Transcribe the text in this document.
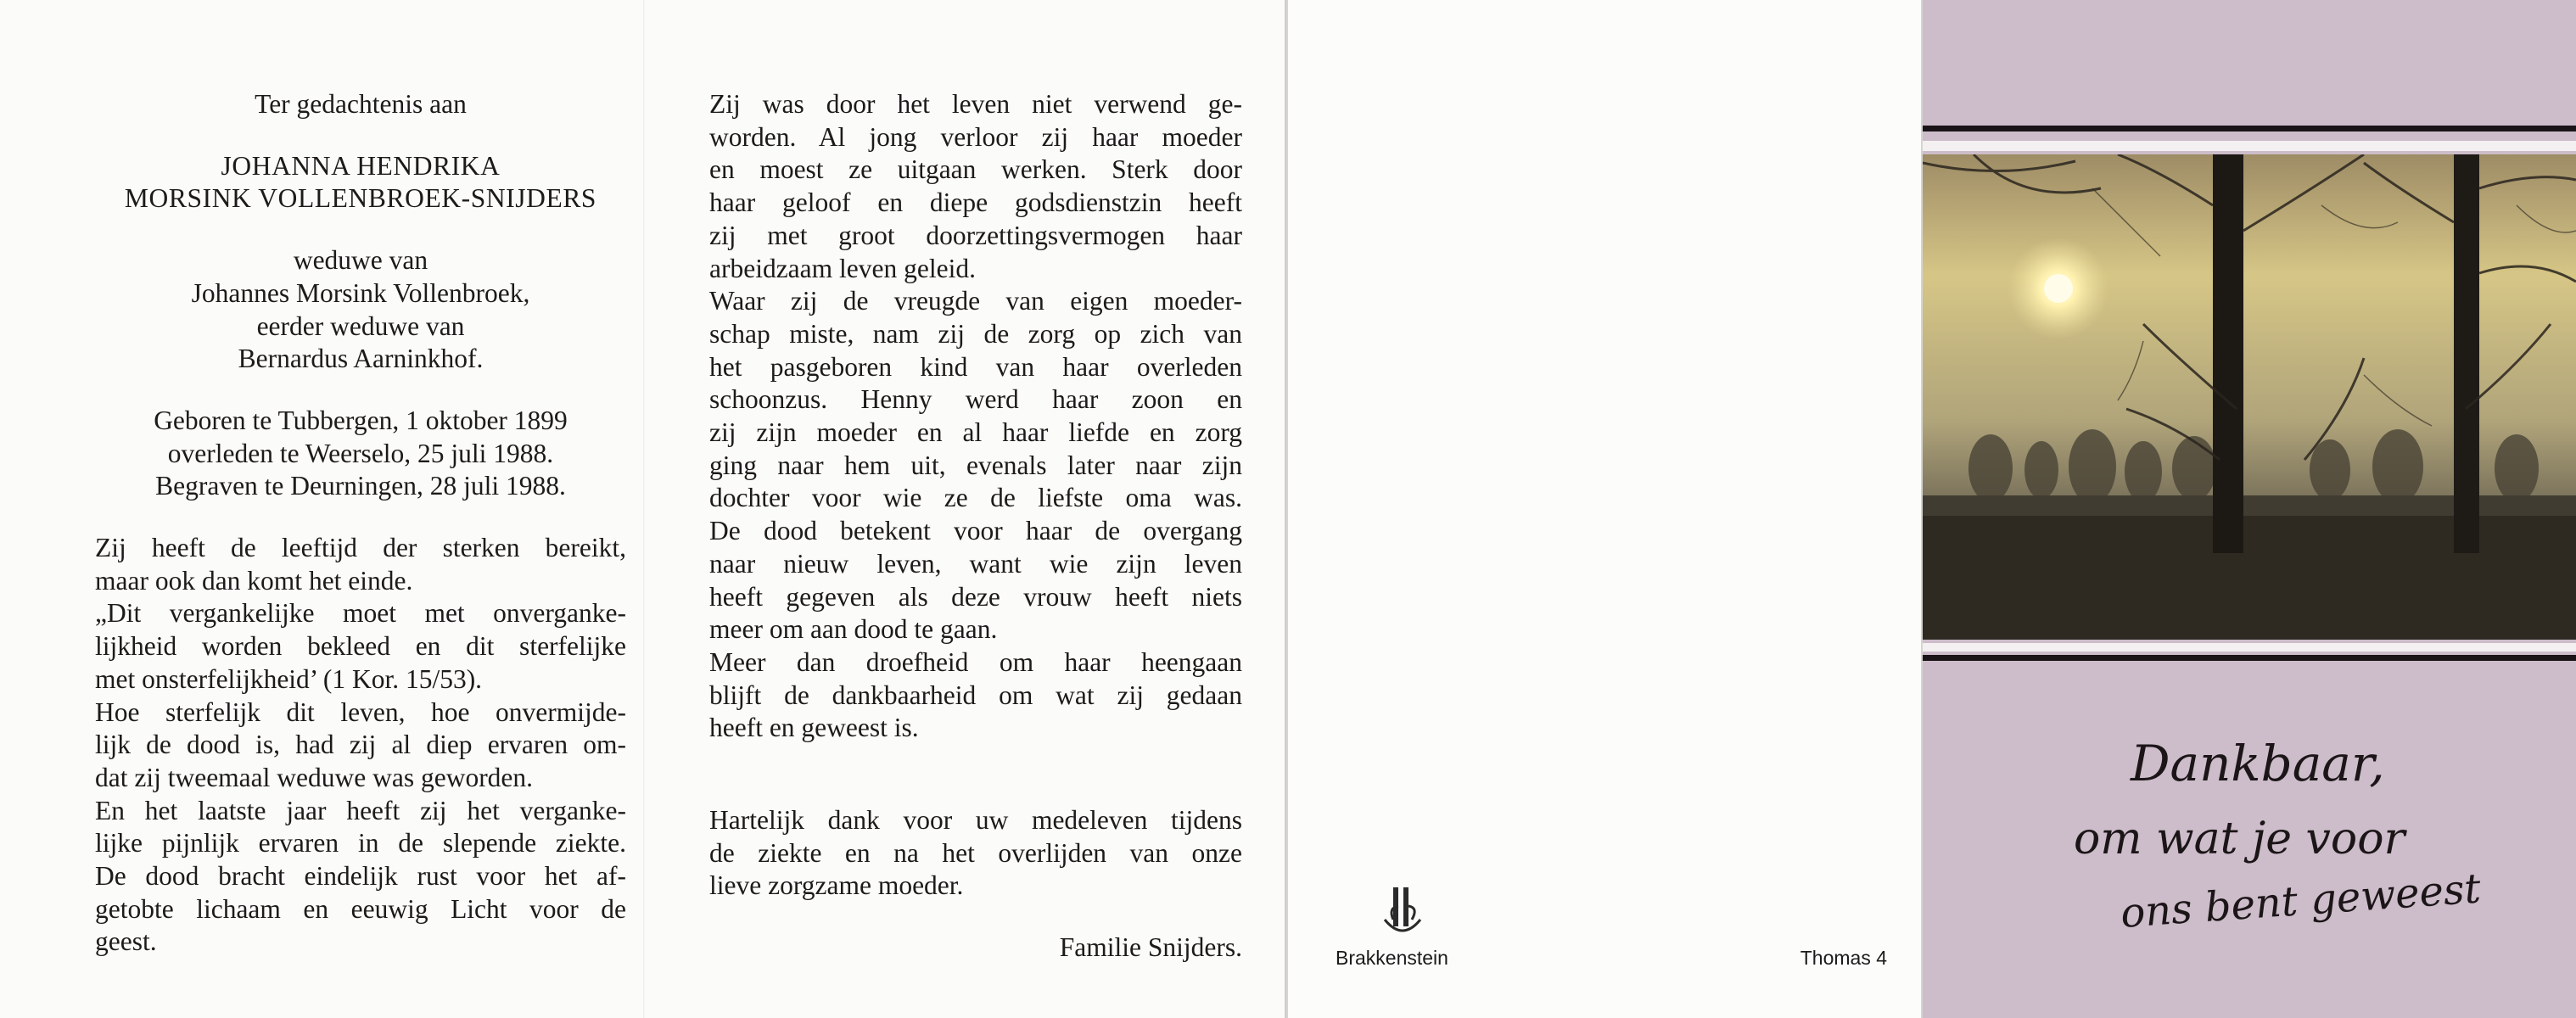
Ter gedachtenis aan

JOHANNA HENDRIKA

MORSINK VOLLENBROEK-SNIJDERS

weduwe van

Johannes Morsink Vollenbroek,

eerder weduwe van

Bernardus Aarninkhof.

Geboren te Tubbergen, 1 oktober 1899

overleden te Weerselo, 25 juli 1988.

Begraven te Deurningen, 28 juli 1988.

Zij heeft de leeftijd der sterken bereikt,

maar ook dan komt het einde.

„Dit vergankelijke moet met onverganke-

lijkheid worden bekleed en dit sterfelijke

met onsterfelijkheid’ (1 Kor. 15/53).

Hoe sterfelijk dit leven, hoe onvermijde-

lijk de dood is, had zij al diep ervaren om-

dat zij tweemaal weduwe was geworden.

En het laatste jaar heeft zij het verganke-

lijke pijnlijk ervaren in de slepende ziekte.

De dood bracht eindelijk rust voor het af-

getobte lichaam en eeuwig Licht voor de

geest.

Zij was door het leven niet verwend ge-

worden. Al jong verloor zij haar moeder

en moest ze uitgaan werken. Sterk door

haar geloof en diepe godsdienstzin heeft

zij met groot doorzettingsvermogen haar

arbeidzaam leven geleid.

Waar zij de vreugde van eigen moeder-

schap miste, nam zij de zorg op zich van

het pasgeboren kind van haar overleden

schoonzus. Henny werd haar zoon en

zij zijn moeder en al haar liefde en zorg

ging naar hem uit, evenals later naar zijn

dochter voor wie ze de liefste oma was.

De dood betekent voor haar de overgang

naar nieuw leven, want wie zijn leven

heeft gegeven als deze vrouw heeft niets

meer om aan dood te gaan.

Meer dan droefheid om haar heengaan

blijft de dankbaarheid om wat zij gedaan

heeft en geweest is.

Hartelijk dank voor uw medeleven tijdens

de ziekte en na het overlijden van onze

lieve zorgzame moeder.

Familie Snijders.	Brakkenstein	Thomas 4
Dankbaar,
om wat je voor
ons bent geweest
